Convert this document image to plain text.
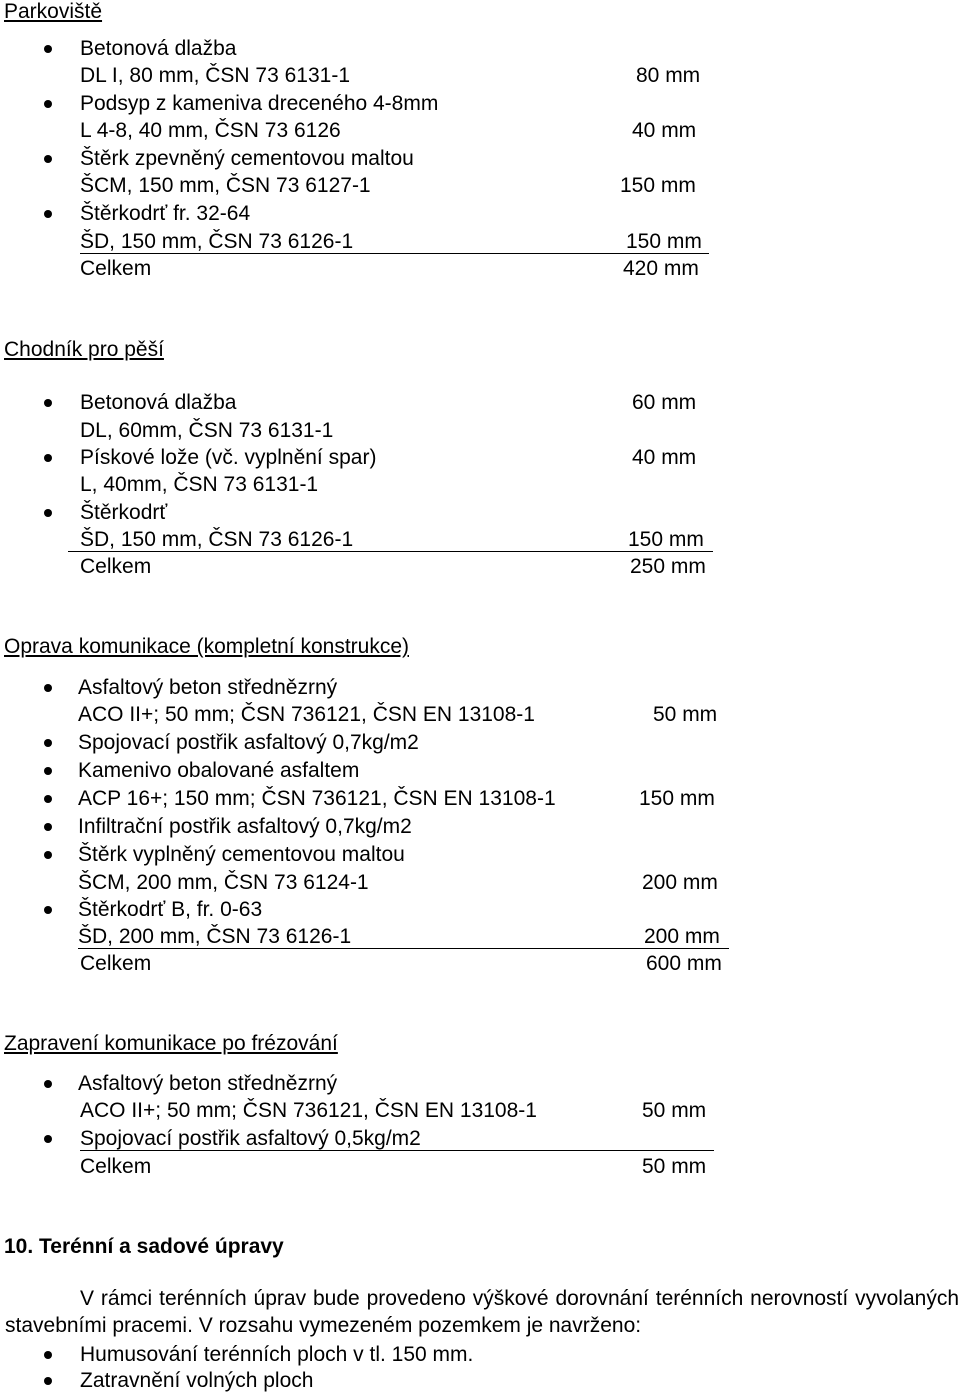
Parkoviště
Betonová dlažba
DL I, 80 mm, ČSN 73 6131-1	80 mm
Podsyp z kameniva dreceného 4-8mm
L 4-8, 40 mm, ČSN 73 6126	40 mm
Štěrk zpevněný cementovou maltou
ŠCM, 150 mm, ČSN 73 6127-1	150 mm
Štěrkodrť fr. 32-64
ŠD, 150 mm, ČSN 73 6126-1	150 mm
Celkem	420 mm
Chodník pro pěší
Betonová dlažba	60 mm
DL, 60mm, ČSN 73 6131-1
Pískové lože (vč. vyplnění spar)	40 mm
L, 40mm, ČSN 73 6131-1
Štěrkodrť
ŠD, 150 mm, ČSN 73 6126-1	150 mm
Celkem	250 mm
Oprava komunikace (kompletní konstrukce)
Asfaltový beton střednězrný
ACO II+; 50 mm; ČSN 736121, ČSN EN 13108-1	50 mm
Spojovací postřik asfaltový 0,7kg/m2
Kamenivo obalované asfaltem
ACP 16+; 150 mm; ČSN 736121, ČSN EN 13108-1	150 mm
Infiltrační postřik asfaltový 0,7kg/m2
Štěrk vyplněný cementovou maltou
ŠCM, 200 mm, ČSN 73 6124-1	200 mm
Štěrkodrť B, fr. 0-63
ŠD, 200 mm, ČSN 73 6126-1	200 mm
Celkem	600 mm
Zapravení komunikace po frézování
Asfaltový beton střednězrný
ACO II+; 50 mm; ČSN 736121, ČSN EN 13108-1	50 mm
Spojovací postřik asfaltový 0,5kg/m2
Celkem	50 mm
10. Terénní a sadové úpravy
V rámci terénních úprav bude provedeno výškové dorovnání terénních nerovností vyvolaných stavebními pracemi. V rozsahu vymezeném pozemkem je navrženo:
Humusování terénních ploch v tl. 150 mm.
Zatravnění volných ploch
